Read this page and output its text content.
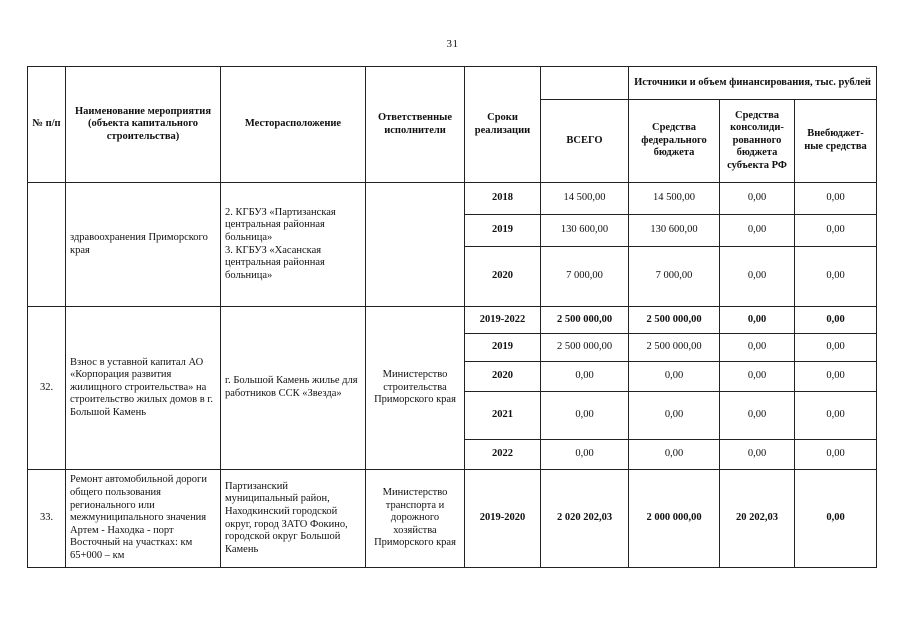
31
№ п/п	Наименование мероприятия (объекта капитального строительства)	Месторасположение	Ответственные исполнители	Сроки реализации		Источники и объем финансирования, тыс. рублей		
					ВСЕГО	Средства федерального бюджета	Средства консолиди-рованного бюджета субъекта РФ	Внебюджет-ные средства
	здравоохранения Приморского края	2. КГБУЗ «Партизанская центральная районная больница»
3. КГБУЗ «Хасанская центральная районная больница»		2018	14 500,00	14 500,00	0,00	0,00
				2019	130 600,00	130 600,00	0,00	0,00
				2020	7 000,00	7 000,00	0,00	0,00
32.	Взнос в уставной капитал АО «Корпорация развития жилищного строительства» на строительство жилых домов в г. Большой Камень	г. Большой Камень жилье для работников ССК «Звезда»	Министерство строительства Приморского края	2019-2022	2 500 000,00	2 500 000,00	0,00	0,00
				2019	2 500 000,00	2 500 000,00	0,00	0,00
				2020	0,00	0,00	0,00	0,00
				2021	0,00	0,00	0,00	0,00
				2022	0,00	0,00	0,00	0,00
33.	Ремонт автомобильной дороги общего пользования регионального или межмуниципального значения Артем - Находка - порт Восточный на участках: км 65+000 – км	Партизанский муниципальный район, Находкинский городской округ, город ЗАТО Фокино, городской округ Большой Камень	Министерство транспорта и дорожного хозяйства Приморского края	2019-2020	2 020 202,03	2 000 000,00	20 202,03	0,00
